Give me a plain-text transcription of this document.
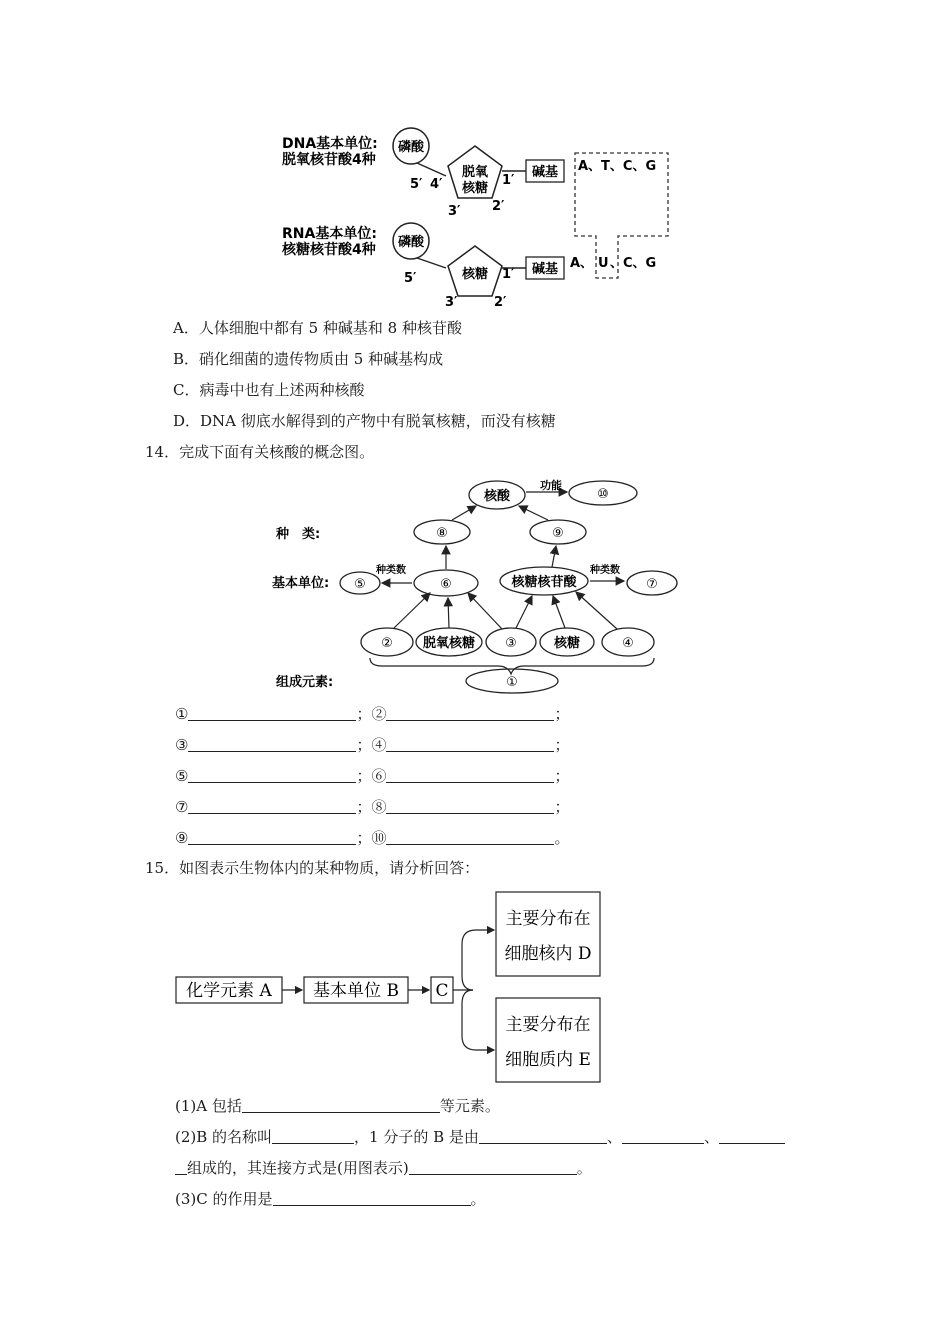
DNA基本单位:
脱氧核苷酸4种
磷酸
5′ 4′
脱氧
核糖
1′
3′ 2′
碱基 A、T、C、G
RNA基本单位:
核糖核苷酸4种 磷酸
5′	核糖 1′
3′	2′
碱基 A、 U 、C、G
A．人体细胞中都有 5 种碱基和 8 种核苷酸
B．硝化细菌的遗传物质由 5 种碱基构成
C．病毒中也有上述两种核酸
D．DNA 彻底水解得到的产物中有脱氧核糖，而没有核糖
14．完成下面有关核酸的概念图。
核酸
功能
⑩
种　类:	⑧	⑨
基本单位: ⑤
种类数
⑥	核糖核苷酸
种类数
⑦
② 脱氧核糖 ③	核糖	④
组成元素:	①
①	；②	；
③	；④	；
⑤	；⑥	；
⑦	；⑧	；
⑨	；⑩	。
15．如图表示生物体内的某种物质，请分析回答：
化学元素 A 基本单位 B C
主要分布在
细胞核内 D
主要分布在
细胞质内 E
(1)A 包括	等元素。
(2)B 的名称叫	，1 分子的 B 是由	、	、
组成的，其连接方式是(用图表示)	。
(3)C 的作用是	。
